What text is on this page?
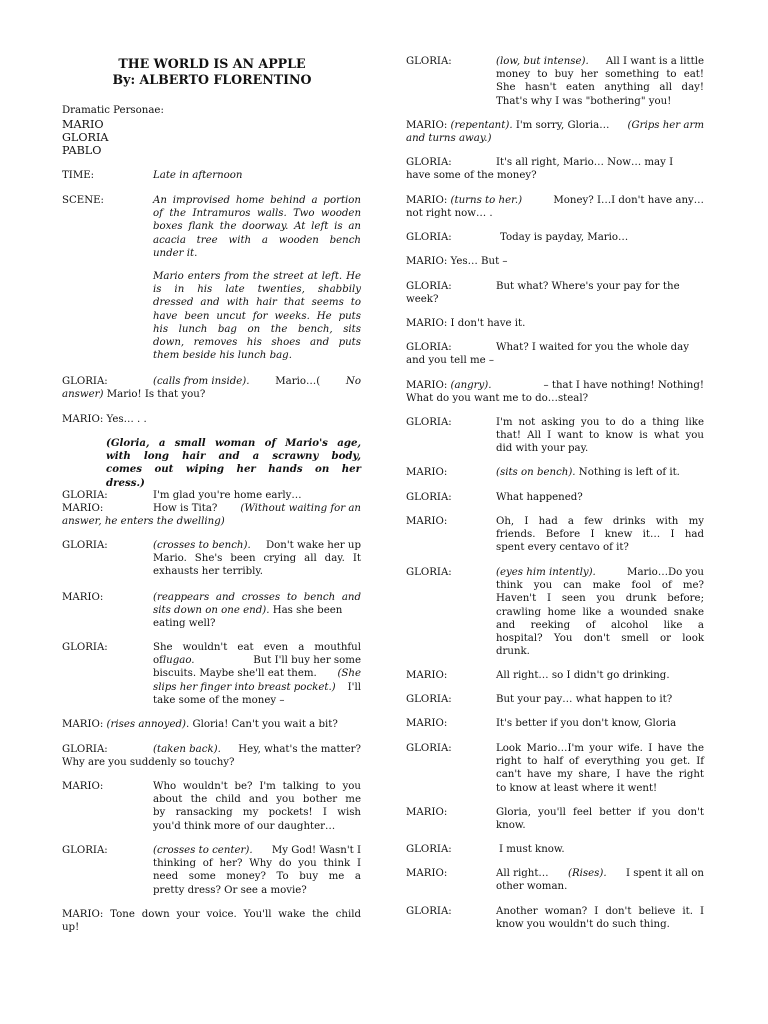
THE WORLD IS AN APPLE
By: ALBERTO FLORENTINO
Dramatic Personae:
MARIO
GLORIA
PABLO
TIME:	Late in afternoon
SCENE:	An improvised home behind a portion
of the Intramuros walls. Two wooden
boxes flank the doorway. At left is an
acacia tree with a wooden bench
under it.
Mario enters from the street at left. He
is in his late twenties, shabbily
dressed and with hair that seems to
have been uncut for weeks. He puts
his lunch bag on the bench, sits
down, removes his shoes and puts
them beside his lunch bag.
GLORIA:	(calls from inside).	Mario…(	No
answer) Mario! Is that you?
MARIO: Yes… . .
(Gloria, a small woman of Mario's age,
with long hair and a scrawny body,
comes out wiping her hands on her
dress.)
GLORIA:	I'm glad you're home early…
MARIO:	How is Tita? (Without waiting for an
answer, he enters the dwelling)
GLORIA:	(crosses to bench). Don't wake her up
Mario. She's been crying all day. It
exhausts her terribly.
MARIO:	(reappears and crosses to bench and
sits down on one end). Has she been
eating well?
GLORIA:	She wouldn't eat even a mouthful
oflugao.	But I'll buy her some
biscuits. Maybe she'll eat them. (She
slips her finger into breast pocket.) I'll
take some of the money –
MARIO: (rises annoyed). Gloria! Can't you wait a bit?
GLORIA:	(taken back). Hey, what's the matter?
Why are you suddenly so touchy?
MARIO:	Who wouldn't be? I'm talking to you
about the child and you bother me
by ransacking my pockets! I wish
you'd think more of our daughter…
GLORIA:	(crosses to center). My God! Wasn't I
thinking of her? Why do you think I
need some money? To buy me a
pretty dress? Or see a movie?
MARIO: Tone down your voice. You'll wake the child
up!
GLORIA:	(low, but intense). All I want is a little
money to buy her something to eat!
She hasn't eaten anything all day!
That's why I was "bothering" you!
MARIO: (repentant). I'm sorry, Gloria… (Grips her arm
and turns away.)
GLORIA:	It's all right, Mario… Now… may I
have some of the money?
MARIO: (turns to her.)	Money? I…I don't have any…
not right now… .
GLORIA:	Today is payday, Mario…
MARIO: Yes… But –
GLORIA:	But what? Where's your pay for the
week?
MARIO: I don't have it.
GLORIA:	What? I waited for you the whole day
and you tell me –
MARIO: (angry).	– that I have nothing! Nothing!
What do you want me to do…steal?
GLORIA:	I'm not asking you to do a thing like
that! All I want to know is what you
did with your pay.
MARIO:	(sits on bench). Nothing is left of it.
GLORIA:	What happened?
MARIO:	Oh, I had a few drinks with my
friends. Before I knew it… I had
spent every centavo of it?
GLORIA:	(eyes him intently).	Mario…Do you
think you can make fool of me?
Haven't I seen you drunk before;
crawling home like a wounded snake
and reeking of alcohol like a
hospital? You don't smell or look
drunk.
MARIO:	All right… so I didn't go drinking.
GLORIA:	But your pay… what happen to it?
MARIO:	It's better if you don't know, Gloria
GLORIA:	Look Mario…I'm your wife. I have the
right to half of everything you get. If
can't have my share, I have the right
to know at least where it went!
MARIO:	Gloria, you'll feel better if you don't
know.
GLORIA:	I must know.
MARIO:	All right… (Rises). I spent it all on
other woman.
GLORIA:	Another woman? I don't believe it. I
know you wouldn't do such thing.
